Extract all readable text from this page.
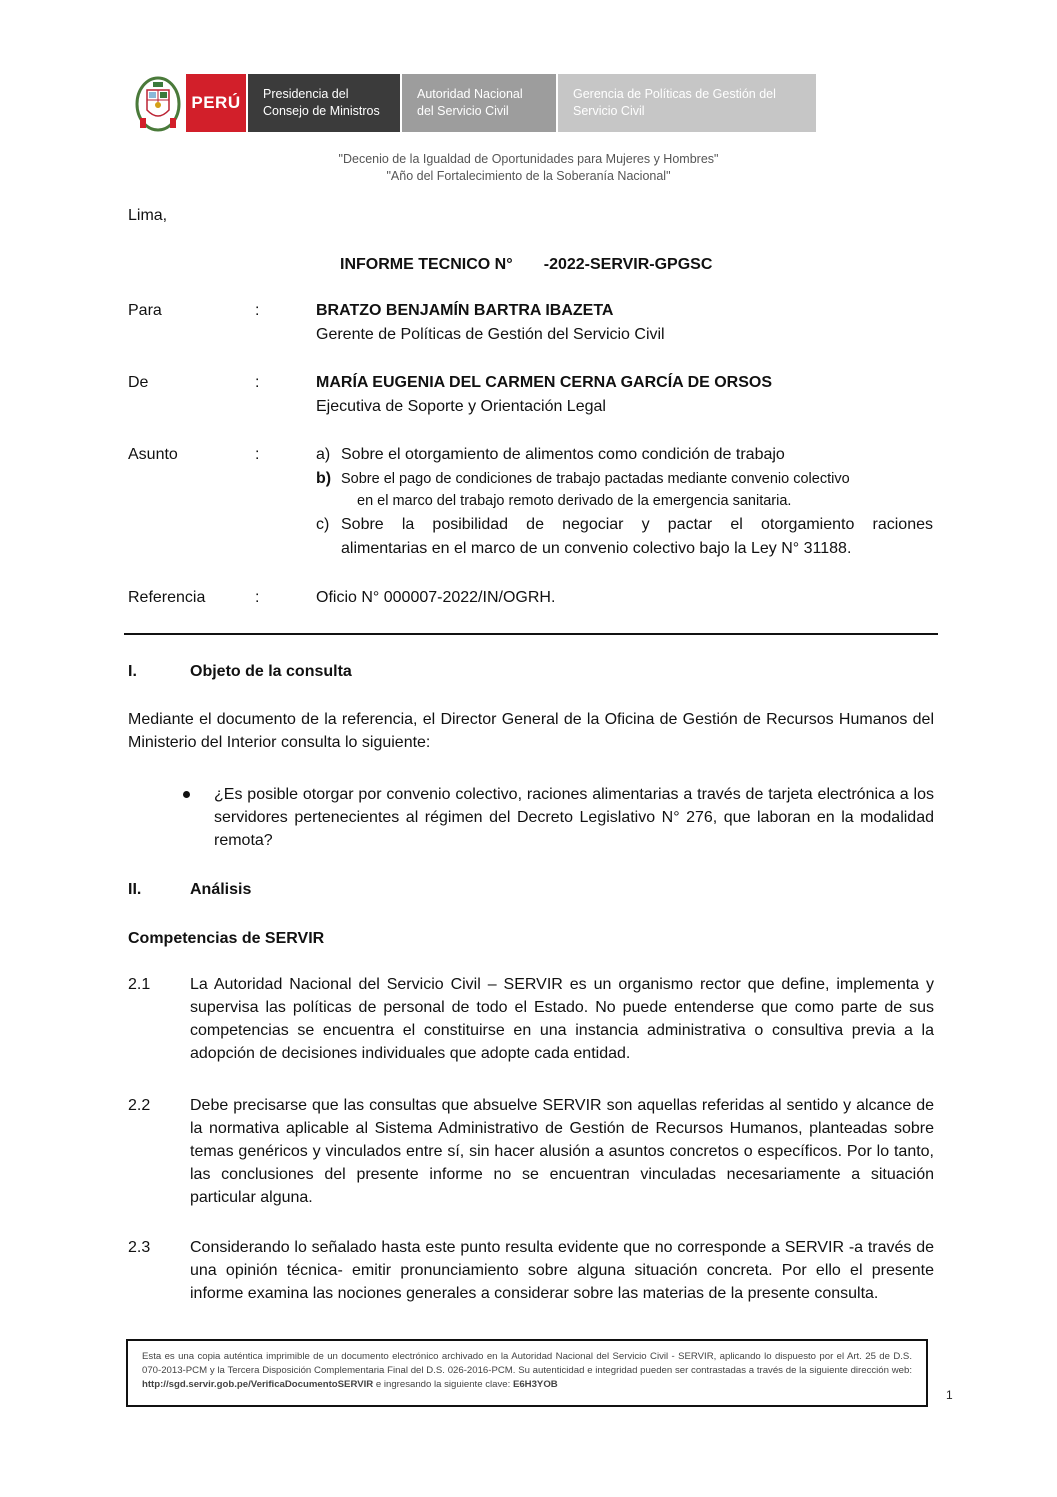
PERÚ Presidencia del
Consejo de Ministros
Autoridad Nacional
del Servicio Civil
Gerencia de Políticas de Gestión del
Servicio Civil
"Decenio de la Igualdad de Oportunidades para Mujeres y Hombres"
"Año del Fortalecimiento de la Soberanía Nacional"
Lima,
INFORME TECNICO N°       -2022-SERVIR-GPGSC
Para	:	BRATZO BENJAMÍN BARTRA IBAZETA
Gerente de Políticas de Gestión del Servicio Civil
De	:	MARÍA EUGENIA DEL CARMEN CERNA GARCÍA DE ORSOS
Ejecutiva de Soporte y Orientación Legal
Asunto	:	a) Sobre el otorgamiento de alimentos como condición de trabajo
b) Sobre el pago de condiciones de trabajo pactadas mediante convenio colectivo
en el marco del trabajo remoto derivado de la emergencia sanitaria.
c) Sobre la posibilidad de negociar y pactar el otorgamiento raciones
alimentarias en el marco de un convenio colectivo bajo la Ley N° 31188.
Referencia	:	Oficio N° 000007-2022/IN/OGRH.
I.	Objeto de la consulta
Mediante el documento de la referencia, el Director General de la Oficina de Gestión de Recursos Humanos del Ministerio del Interior consulta lo siguiente:
¿Es posible otorgar por convenio colectivo, raciones alimentarias a través de tarjeta electrónica a los servidores pertenecientes al régimen del Decreto Legislativo N° 276, que laboran en la modalidad remota?
II.	Análisis
Competencias de SERVIR
2.1 La Autoridad Nacional del Servicio Civil – SERVIR es un organismo rector que define, implementa y supervisa las políticas de personal de todo el Estado. No puede entenderse que como parte de sus competencias se encuentra el constituirse en una instancia administrativa o consultiva previa a la adopción de decisiones individuales que adopte cada entidad.
2.2 Debe precisarse que las consultas que absuelve SERVIR son aquellas referidas al sentido y alcance de la normativa aplicable al Sistema Administrativo de Gestión de Recursos Humanos, planteadas sobre temas genéricos y vinculados entre sí, sin hacer alusión a asuntos concretos o específicos. Por lo tanto, las conclusiones del presente informe no se encuentran vinculadas necesariamente a situación particular alguna.
2.3 Considerando lo señalado hasta este punto resulta evidente que no corresponde a SERVIR -a través de una opinión técnica- emitir pronunciamiento sobre alguna situación concreta. Por ello el presente informe examina las nociones generales a considerar sobre las materias de la presente consulta.
Esta es una copia auténtica imprimible de un documento electrónico archivado en la Autoridad Nacional del Servicio Civil - SERVIR, aplicando lo dispuesto por el Art. 25 de D.S. 070-2013-PCM y la Tercera Disposición Complementaria Final del D.S. 026-2016-PCM. Su autenticidad e integridad pueden ser contrastadas a través de la siguiente dirección web: http://sgd.servir.gob.pe/VerificaDocumentoSERVIR e ingresando la siguiente clave: E6H3YOB
1
